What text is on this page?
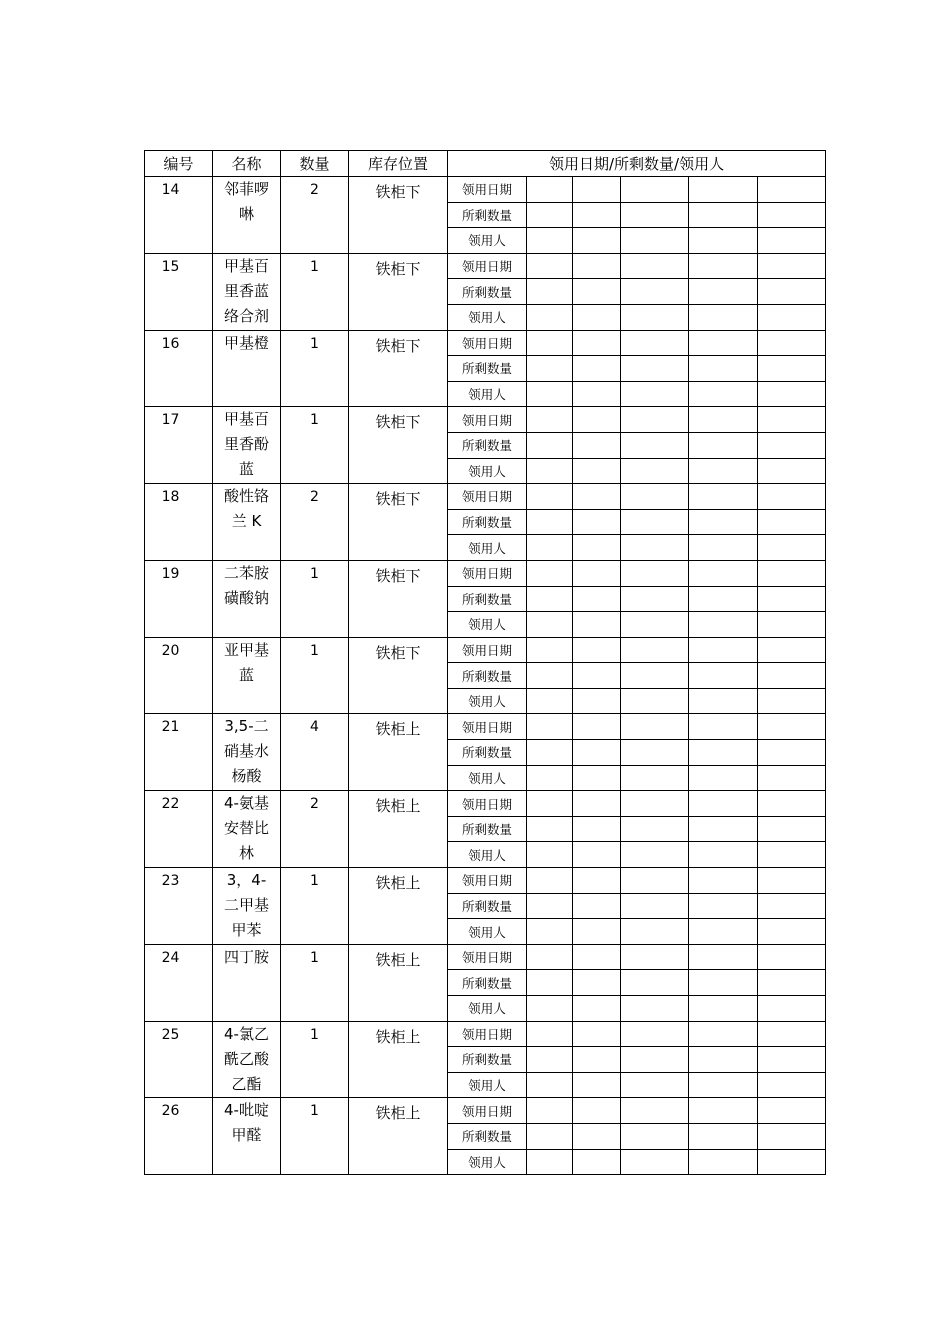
编号	名称	数量	库存位置	领用日期/所剩数量/领用人					
14	邻菲啰啉	2	铁柜下	领用日期					
				所剩数量					
				领用人					
15	甲基百里香蓝络合剂	1	铁柜下	领用日期					
				所剩数量					
				领用人					
16	甲基橙	1	铁柜下	领用日期					
				所剩数量					
				领用人					
17	甲基百里香酚蓝	1	铁柜下	领用日期					
				所剩数量					
				领用人					
18	酸性铬兰 K	2	铁柜下	领用日期					
				所剩数量					
				领用人					
19	二苯胺磺酸钠	1	铁柜下	领用日期					
				所剩数量					
				领用人					
20	亚甲基蓝	1	铁柜下	领用日期					
				所剩数量					
				领用人					
21	3,5-二硝基水杨酸	4	铁柜上	领用日期					
				所剩数量					
				领用人					
22	4-氨基安替比林	2	铁柜上	领用日期					
				所剩数量					
				领用人					
23	3，4-二甲基甲苯	1	铁柜上	领用日期					
				所剩数量					
				领用人					
24	四丁胺	1	铁柜上	领用日期					
				所剩数量					
				领用人					
25	4-氯乙酰乙酸乙酯	1	铁柜上	领用日期					
				所剩数量					
				领用人					
26	4-吡啶甲醛	1	铁柜上	领用日期					
				所剩数量					
				领用人					
